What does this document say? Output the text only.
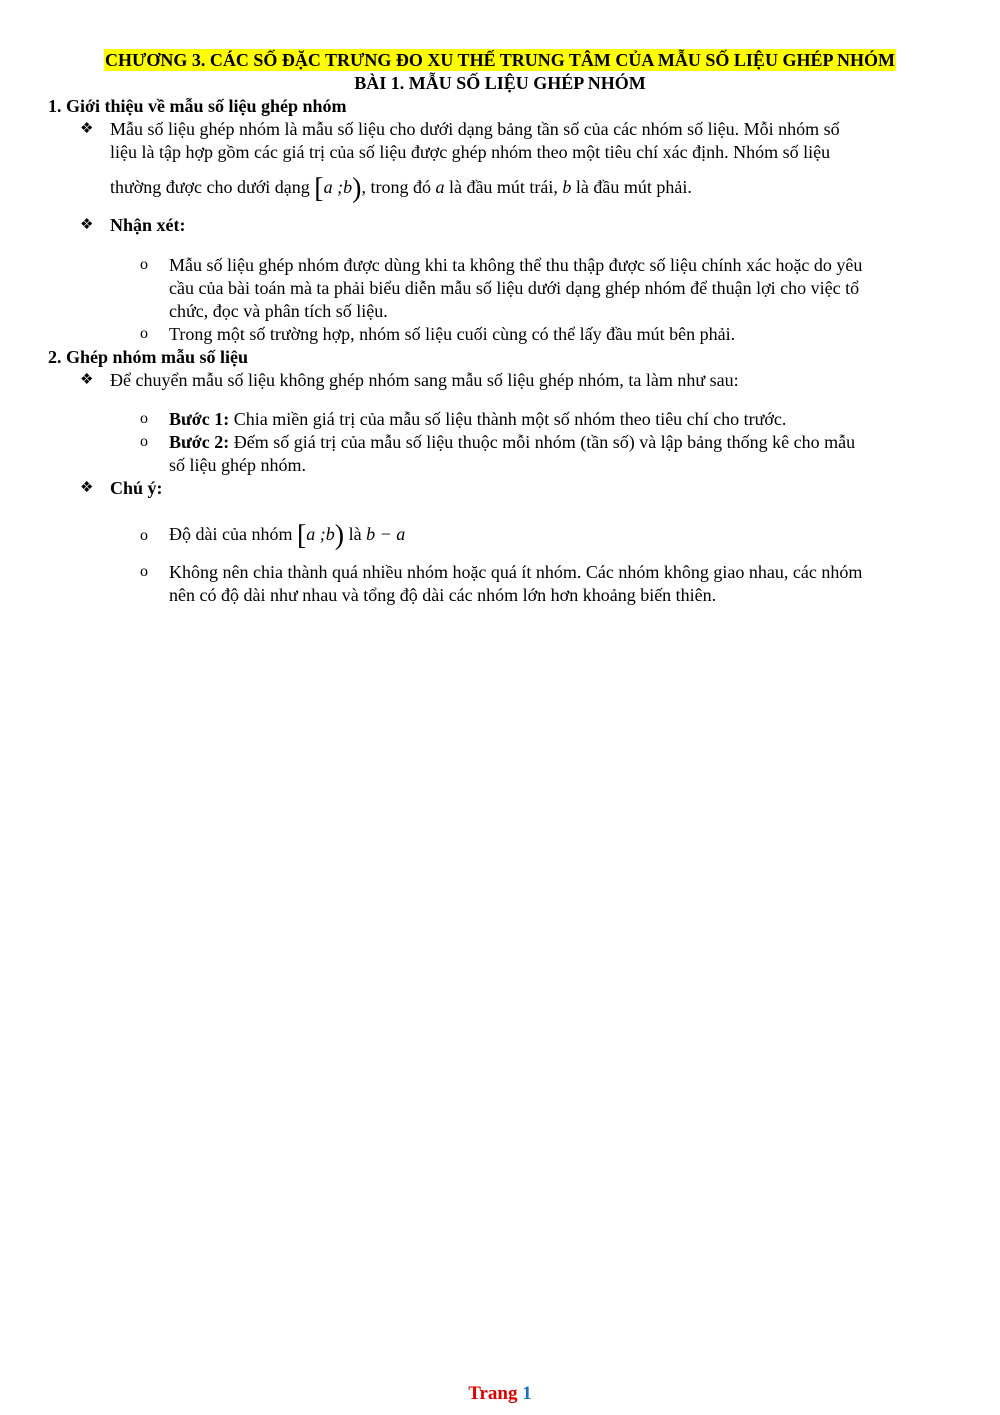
CHƯƠNG 3. CÁC SỐ ĐẶC TRƯNG ĐO XU THẾ TRUNG TÂM CỦA MẪU SỐ LIỆU GHÉP NHÓM
BÀI 1. MẪU SỐ LIỆU GHÉP NHÓM
1. Giới thiệu về mẫu số liệu ghép nhóm
❖ Mẫu số liệu ghép nhóm là mẫu số liệu cho dưới dạng bảng tần số của các nhóm số liệu. Mỗi nhóm số
liệu là tập hợp gồm các giá trị của số liệu được ghép nhóm theo một tiêu chí xác định. Nhóm số liệu
thường được cho dưới dạng [a ;b), trong đó a là đầu mút trái, b là đầu mút phải.
❖ Nhận xét:
o Mẫu số liệu ghép nhóm được dùng khi ta không thể thu thập được số liệu chính xác hoặc do yêu
cầu của bài toán mà ta phải biểu diễn mẫu số liệu dưới dạng ghép nhóm để thuận lợi cho việc tổ
chức, đọc và phân tích số liệu.
o Trong một số trường hợp, nhóm số liệu cuối cùng có thể lấy đầu mút bên phải.
2. Ghép nhóm mẫu số liệu
❖ Để chuyển mẫu số liệu không ghép nhóm sang mẫu số liệu ghép nhóm, ta làm như sau:
o Bước 1: Chia miền giá trị của mẫu số liệu thành một số nhóm theo tiêu chí cho trước.
o Bước 2: Đếm số giá trị của mẫu số liệu thuộc mỗi nhóm (tần số) và lập bảng thống kê cho mẫu
số liệu ghép nhóm.
❖ Chú ý:
o Độ dài của nhóm [a ;b) là b − a
o Không nên chia thành quá nhiều nhóm hoặc quá ít nhóm. Các nhóm không giao nhau, các nhóm
nên có độ dài như nhau và tổng độ dài các nhóm lớn hơn khoảng biến thiên.
Trang 1
